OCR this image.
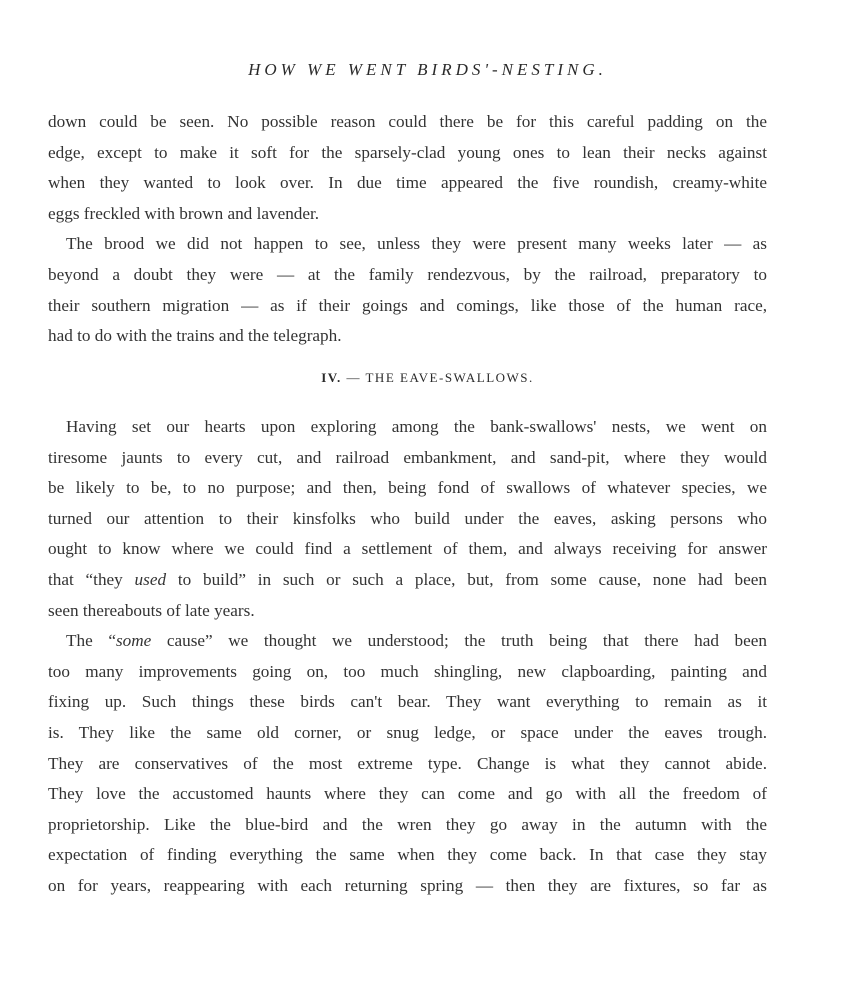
HOW WE WENT BIRDS'-NESTING.
down could be seen. No possible reason could there be for this careful padding on the
edge, except to make it soft for the sparsely-clad young ones to lean their necks against
when they wanted to look over. In due time appeared the five roundish, creamy-white
eggs freckled with brown and lavender.
The brood we did not happen to see, unless they were present many weeks later — as
beyond a doubt they were — at the family rendezvous, by the railroad, preparatory to
their southern migration — as if their goings and comings, like those of the human race,
had to do with the trains and the telegraph.
IV. — THE EAVE-SWALLOWS.
Having set our hearts upon exploring among the bank-swallows' nests, we went on
tiresome jaunts to every cut, and railroad embankment, and sand-pit, where they would
be likely to be, to no purpose; and then, being fond of swallows of whatever species, we
turned our attention to their kinsfolks who build under the eaves, asking persons who
ought to know where we could find a settlement of them, and always receiving for answer
that “they used to build” in such or such a place, but, from some cause, none had been
seen thereabouts of late years.
The “some cause” we thought we understood; the truth being that there had been
too many improvements going on, too much shingling, new clapboarding, painting and
fixing up. Such things these birds can't bear. They want everything to remain as it
is. They like the same old corner, or snug ledge, or space under the eaves trough.
They are conservatives of the most extreme type. Change is what they cannot abide.
They love the accustomed haunts where they can come and go with all the freedom of
proprietorship. Like the blue-bird and the wren they go away in the autumn with the
expectation of finding everything the same when they come back. In that case they stay
on for years, reappearing with each returning spring — then they are fixtures, so far as
